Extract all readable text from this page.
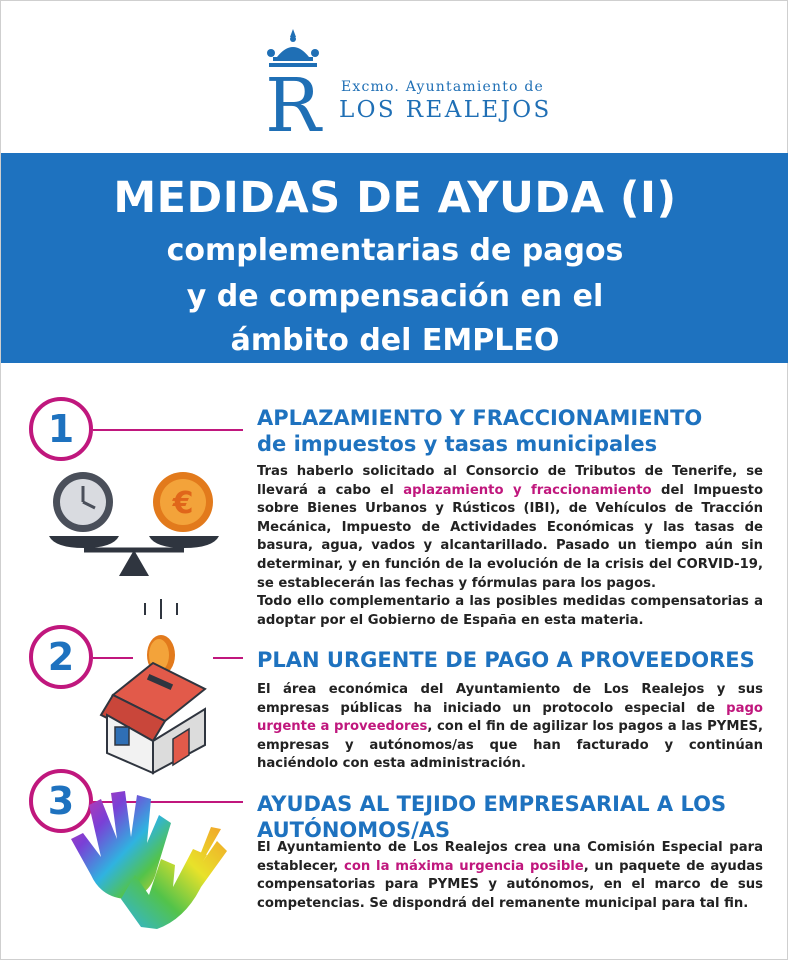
R Excmo. Ayuntamiento de
LOS REALEJOS
MEDIDAS DE AYUDA (I)
complementarias de pagos
y de compensación en el
ámbito del EMPLEO
1	APLAZAMIENTO Y FRACCIONAMIENTO
de impuestos y tasas municipales
€
Tras haberlo solicitado al Consorcio de Tributos de Tenerife, se llevará a cabo el aplazamiento y fraccionamiento del Impuesto sobre Bienes Urbanos y Rústicos (IBI), de Vehículos de Tracción Mecánica, Impuesto de Actividades Económicas y las tasas de basura, agua, vados y alcantarillado. Pasado un tiempo aún sin determinar, y en función de la evolución de la crisis del CORVID-19, se establecerán las fechas y fórmulas para los pagos.
Todo ello complementario a las posibles medidas compensatorias a adoptar por el Gobierno de España en esta materia.
2	PLAN URGENTE DE PAGO A PROVEEDORES
El área económica del Ayuntamiento de Los Realejos y sus empresas públicas ha iniciado un protocolo especial de pago urgente a proveedores, con el fin de agilizar los pagos a las PYMES, empresas y autónomos/as que han facturado y continúan haciéndolo con esta administración.
3	AYUDAS AL TEJIDO EMPRESARIAL A LOS
AUTÓNOMOS/AS
El Ayuntamiento de Los Realejos crea una Comisión Especial para establecer, con la máxima urgencia posible, un paquete de ayudas compensatorias para PYMES y autónomos, en el marco de sus competencias. Se dispondrá del remanente municipal para tal fin.
